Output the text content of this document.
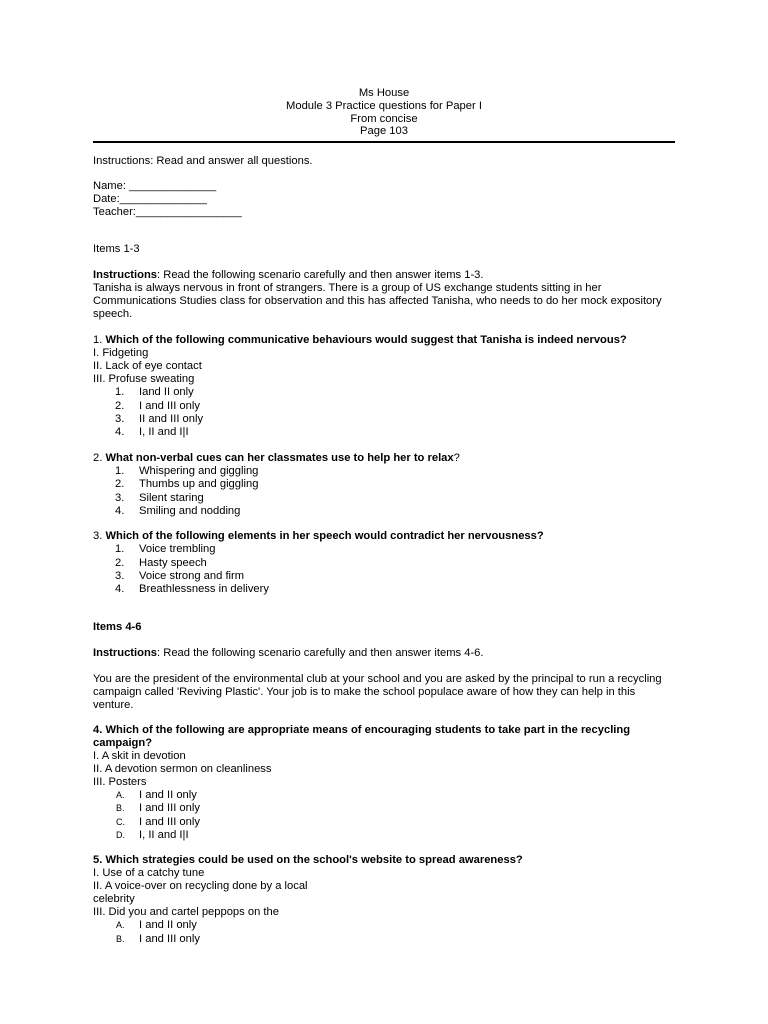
Ms House
Module 3 Practice questions for Paper I
From concise
Page 103
Instructions: Read and answer all questions.
Name: ______________
Date:______________
Teacher:_________________
Items 1-3
Instructions: Read the following scenario carefully and then answer items 1-3.
Tanisha is always nervous in front of strangers. There is a group of US exchange students sitting in her Communications Studies class for observation and this has affected Tanisha, who needs to do her mock expository speech.
1. Which of the following communicative behaviours would suggest that Tanisha is indeed nervous?
I. Fidgeting
II. Lack of eye contact
III. Profuse sweating
1. Iand II only
2. I and III only
3. II and III only
4. I, II and I|I
2. What non-verbal cues can her classmates use to help her to relax?
1. Whispering and giggling
2. Thumbs up and giggling
3. Silent staring
4. Smiling and nodding
3. Which of the following elements in her speech would contradict her nervousness?
1. Voice trembling
2. Hasty speech
3. Voice strong and firm
4. Breathlessness in delivery
Items 4-6
Instructions: Read the following scenario carefully and then answer items 4-6.
You are the president of the environmental club at your school and you are asked by the principal to run a recycling campaign called 'Reviving Plastic'. Your job is to make the school populace aware of how they can help in this venture.
4. Which of the following are appropriate means of encouraging students to take part in the recycling campaign?
I. A skit in devotion
II. A devotion sermon on cleanliness
III. Posters
A.	I and II only
B.	I and III only
C. I and III only
D. I, II and I|I
5. Which strategies could be used on the school's website to spread awareness?
I. Use of a catchy tune
II. A voice-over on recycling done by a local
celebrity
III. Did you and cartel peppops on the
A.	I and II only
B.	I and III only
